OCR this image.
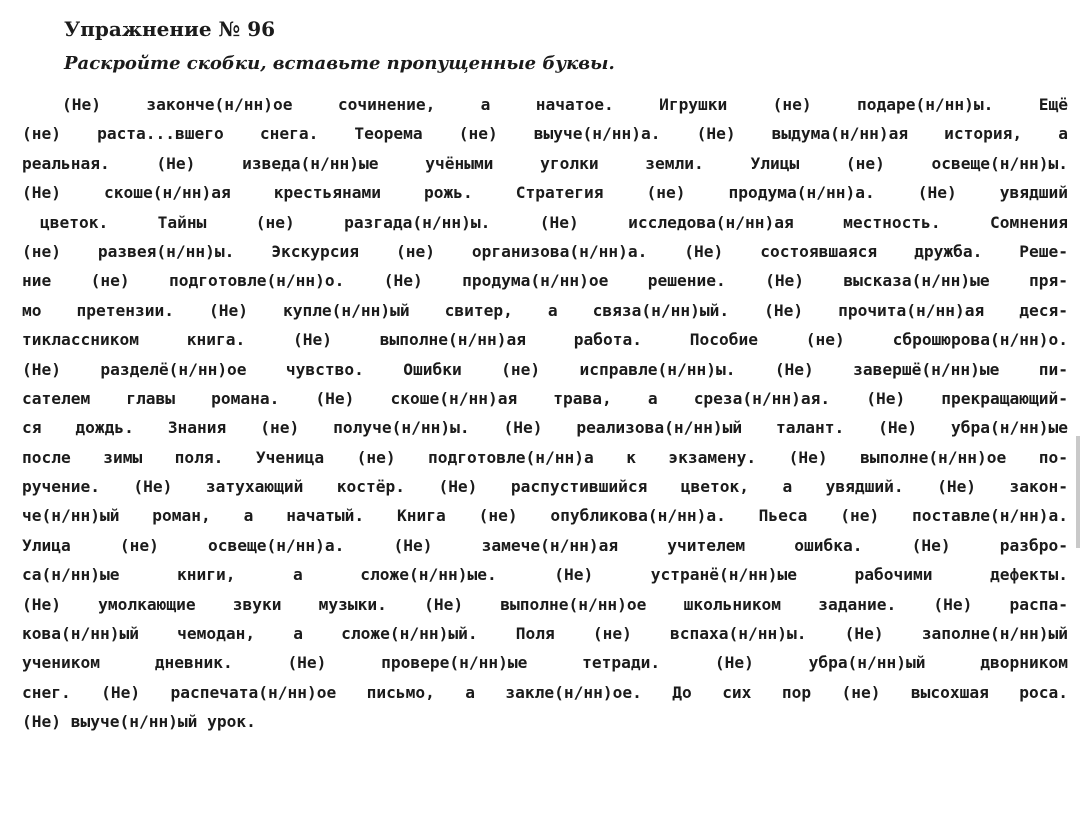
Упражнение № 96
Раскройте скобки, вставьте пропущенные буквы.
(Не) законче(н/нн)ое сочинение, а начатое. Игрушки (не) подаре(н/нн)ы. Ещё
(не) раста...вшего снега. Теорема (не) выуче(н/нн)а. (Не) выдума(н/нн)ая история, а
реальная. (Не) изведа(н/нн)ые учёными уголки земли. Улицы (не) освеще(н/нн)ы.
(Не) скоше(н/нн)ая крестьянами рожь. Стратегия (не) продума(н/нн)а. (Не) увядший
цветок. Тайны (не) разгада(н/нн)ы. (Не) исследова(н/нн)ая местность. Сомнения
(не) развея(н/нн)ы. Экскурсия (не) организова(н/нн)а. (Не) состоявшаяся дружба. Реше-
ние (не) подготовле(н/нн)о. (Не) продума(н/нн)ое решение. (Не) высказа(н/нн)ые пря-
мо претензии. (Не) купле(н/нн)ый свитер, а связа(н/нн)ый. (Не) прочита(н/нн)ая деся-
тиклассником книга. (Не) выполне(н/нн)ая работа. Пособие (не) сброшюрова(н/нн)о.
(Не) разделё(н/нн)ое чувство. Ошибки (не) исправле(н/нн)ы. (Не) завершё(н/нн)ые пи-
сателем главы романа. (Не) скоше(н/нн)ая трава, а среза(н/нн)ая. (Не) прекращающий-
ся дождь. Знания (не) получе(н/нн)ы. (Не) реализова(н/нн)ый талант. (Не) убра(н/нн)ые
после зимы поля. Ученица (не) подготовле(н/нн)а к экзамену. (Не) выполне(н/нн)ое по-
ручение. (Не) затухающий костёр. (Не) распустившийся цветок, а увядший. (Не) закон-
че(н/нн)ый роман, а начатый. Книга (не) опубликова(н/нн)а. Пьеса (не) поставле(н/нн)а.
Улица (не) освеще(н/нн)а. (Не) замече(н/нн)ая учителем ошибка. (Не) разбро-
са(н/нн)ые книги, а сложе(н/нн)ые. (Не) устранё(н/нн)ые рабочими дефекты.
(Не) умолкающие звуки музыки. (Не) выполне(н/нн)ое школьником задание. (Не) распа-
кова(н/нн)ый чемодан, а сложе(н/нн)ый. Поля (не) вспаха(н/нн)ы. (Не) заполне(н/нн)ый
учеником дневник. (Не) провере(н/нн)ые тетради. (Не) убра(н/нн)ый дворником
снег. (Не) распечата(н/нн)ое письмо, а закле(н/нн)ое. До сих пор (не) высохшая роса.
(Не) выуче(н/нн)ый урок.
